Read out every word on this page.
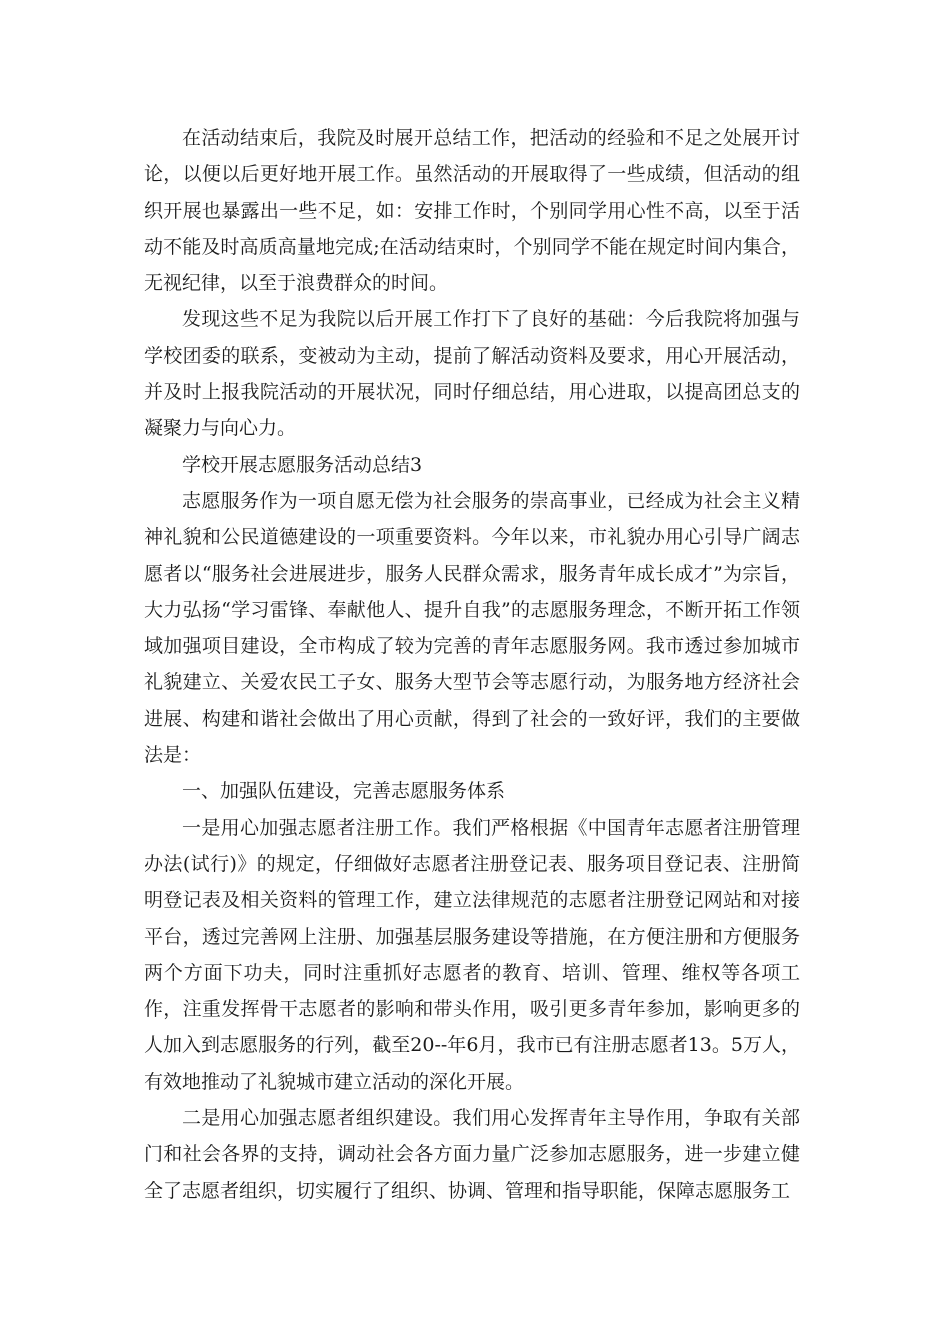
在活动结束后，我院及时展开总结工作，把活动的经验和不足之处展开讨论，以便以后更好地开展工作。虽然活动的开展取得了一些成绩，但活动的组织开展也暴露出一些不足，如：安排工作时，个别同学用心性不高，以至于活动不能及时高质高量地完成;在活动结束时，个别同学不能在规定时间内集合，无视纪律，以至于浪费群众的时间。

发现这些不足为我院以后开展工作打下了良好的基础：今后我院将加强与学校团委的联系，变被动为主动，提前了解活动资料及要求，用心开展活动，并及时上报我院活动的开展状况，同时仔细总结，用心进取，以提高团总支的凝聚力与向心力。

学校开展志愿服务活动总结3

志愿服务作为一项自愿无偿为社会服务的崇高事业，已经成为社会主义精神礼貌和公民道德建设的一项重要资料。今年以来，市礼貌办用心引导广阔志愿者以“服务社会进展进步，服务人民群众需求，服务青年成长成才”为宗旨，大力弘扬“学习雷锋、奉献他人、提升自我”的志愿服务理念，不断开拓工作领域加强项目建设，全市构成了较为完善的青年志愿服务网。我市透过参加城市礼貌建立、关爱农民工子女、服务大型节会等志愿行动，为服务地方经济社会进展、构建和谐社会做出了用心贡献，得到了社会的一致好评，我们的主要做法是：

一、加强队伍建设，完善志愿服务体系

一是用心加强志愿者注册工作。我们严格根据《中国青年志愿者注册管理办法(试行)》的规定，仔细做好志愿者注册登记表、服务项目登记表、注册简明登记表及相关资料的管理工作，建立法律规范的志愿者注册登记网站和对接平台，透过完善网上注册、加强基层服务建设等措施，在方便注册和方便服务两个方面下功夫，同时注重抓好志愿者的教育、培训、管理、维权等各项工作，注重发挥骨干志愿者的影响和带头作用，吸引更多青年参加，影响更多的人加入到志愿服务的行列，截至20--年6月，我市已有注册志愿者13。5万人，有效地推动了礼貌城市建立活动的深化开展。

二是用心加强志愿者组织建设。我们用心发挥青年主导作用，争取有关部门和社会各界的支持，调动社会各方面力量广泛参加志愿服务，进一步建立健全了志愿者组织，切实履行了组织、协调、管理和指导职能，保障志愿服务工
